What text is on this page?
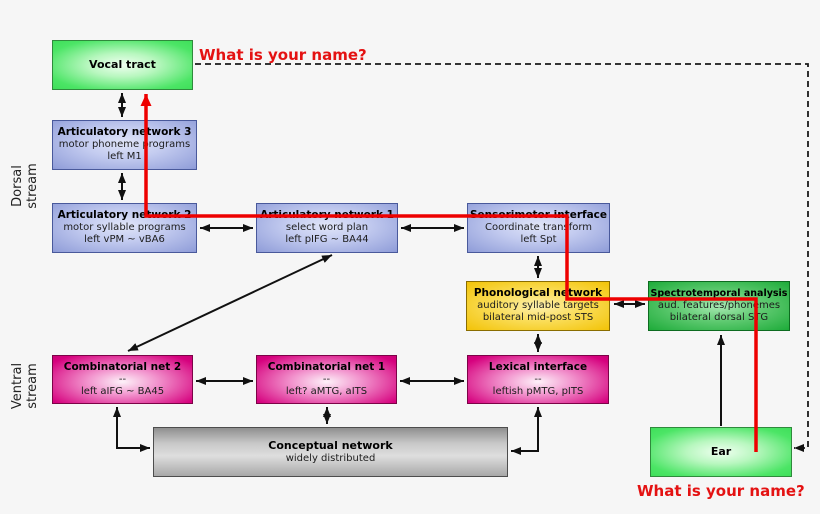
Dorsal stream
Ventral stream
Vocal tract
Articulatory network 3
motor phoneme programs
left M1
Articulatory network 2
motor syllable programs
left vPM ~ vBA6
Articulatory network 1
select word plan
left pIFG ~ BA44
Sensorimotor interface
Coordinate transform
left Spt
Phonological network
auditory syllable targets
bilateral mid-post STS
Spectrotemporal analysis
aud. features/phonemes
bilateral dorsal STG
Combinatorial net 2
--
left aIFG ~ BA45
Combinatorial net 1
--
left? aMTG, aITS
Lexical interface
--
leftish pMTG, pITS
Conceptual network
widely distributed	Ear
What is your name?
What is your name?
